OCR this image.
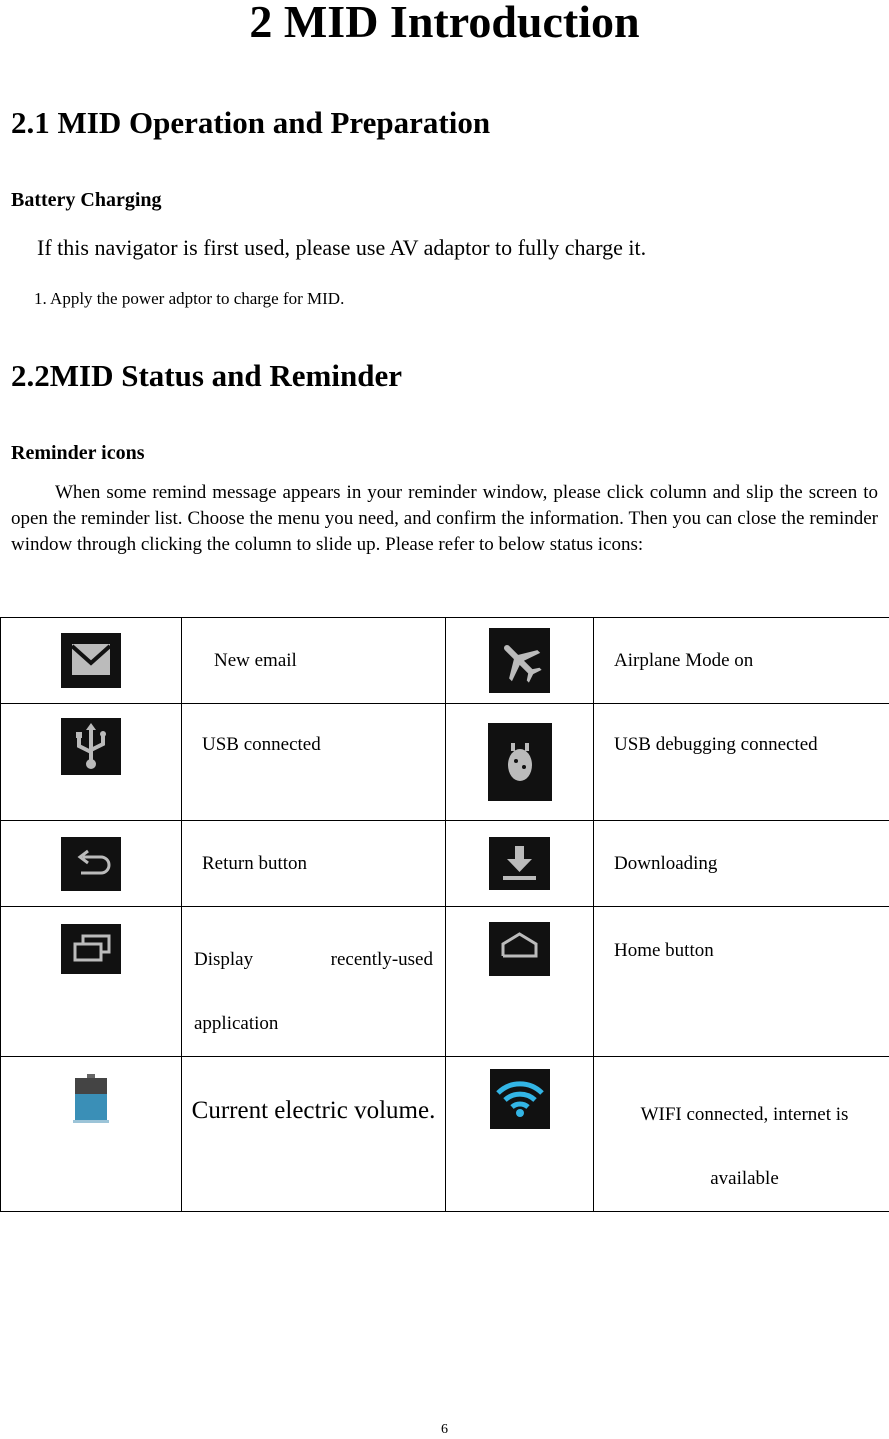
2 MID Introduction
2.1 MID Operation and Preparation
Battery Charging
If this navigator is first used, please use AV adaptor to fully charge it.
1. Apply the power adptor to charge for MID.
2.2MID Status and Reminder
Reminder icons

When some remind message appears in your reminder window, please click column and slip the screen to open the reminder list. Choose the menu you need, and confirm the information. Then you can close the reminder window through clicking the column to slide up. Please refer to below status icons:

	New email		Airplane Mode on

	USB connected		USB debugging connected

	Return button		Downloading

	Display recently-used application		Home button
	Current electric volume.		WIFI connected, internet is available
6
